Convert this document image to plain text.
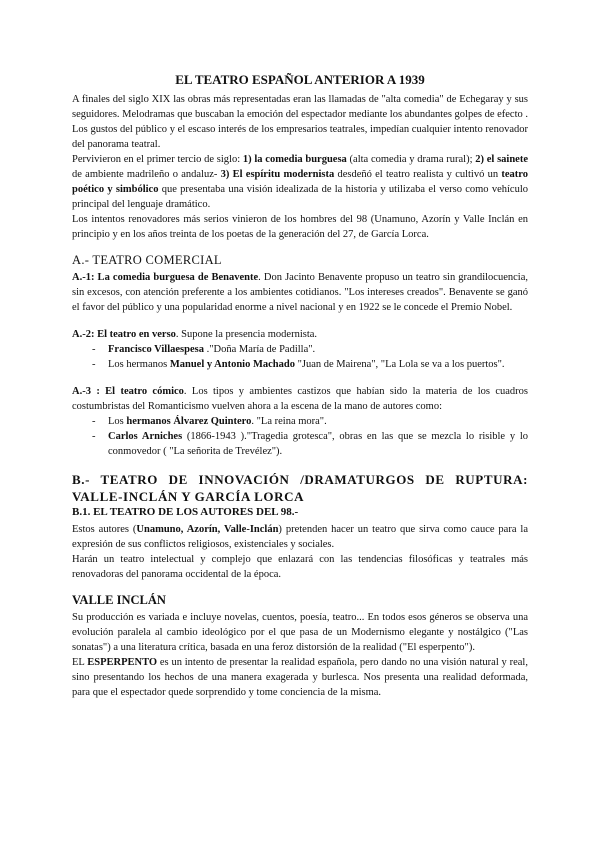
EL TEATRO ESPAÑOL ANTERIOR A 1939

A finales del siglo XIX las obras más representadas eran las llamadas de "alta comedia" de Echegaray y sus seguidores. Melodramas que buscaban la emoción del espectador mediante los abundantes golpes de efecto . Los gustos del público y el escaso interés de los empresarios teatrales, impedían cualquier intento renovador del panorama teatral.

Pervivieron en el primer tercio de siglo: 1) la comedia burguesa (alta comedia y drama rural); 2) el sainete de ambiente madrileño o andaluz- 3) El espíritu modernista desdeñó el teatro realista y cultivó un teatro poético y simbólico que presentaba una visión idealizada de la historia y utilizaba el verso como vehículo principal del lenguaje dramático.

Los intentos renovadores más serios vinieron de los hombres del 98 (Unamuno, Azorín y Valle Inclán en principio y en los años treinta de los poetas de la generación del 27, de García Lorca.

A.- TEATRO COMERCIAL

A.-1: La comedia burguesa de Benavente. Don Jacinto Benavente propuso un teatro sin grandilocuencia, sin excesos, con atención preferente a los ambientes cotidianos. "Los intereses creados". Benavente se ganó el favor del público y una popularidad enorme a nivel nacional y en 1922 se le concede el Premio Nobel.

A.-2: El teatro en verso. Supone la presencia modernista.

- Francisco Villaespesa ."Doña María de Padilla".
- Los hermanos Manuel y Antonio Machado "Juan de Mairena", "La Lola se va a los puertos".

A.-3 : El teatro cómico. Los tipos y ambientes castizos que habían sido la materia de los cuadros costumbristas del Romanticismo vuelven ahora a la escena de la mano de autores como:

- Los hermanos Álvarez Quintero. "La reina mora".
- Carlos Arniches (1866-1943 )."Tragedia grotesca", obras en las que se mezcla lo risible y lo conmovedor ( "La señorita de Trevélez").
B.- TEATRO DE INNOVACIÓN /DRAMATURGOS DE RUPTURA: VALLE-INCLÁN Y GARCÍA LORCA
B.1. EL TEATRO DE LOS AUTORES DEL 98.-

Estos autores (Unamuno, Azorín, Valle-Inclán) pretenden hacer un teatro que sirva como cauce para la expresión de sus conflictos religiosos, existenciales y sociales.

Harán un teatro intelectual y complejo que enlazará con las tendencias filosóficas y teatrales más renovadoras del panorama occidental de la época.

VALLE INCLÁN

Su producción es variada e incluye novelas, cuentos, poesía, teatro... En todos esos géneros se observa una evolución paralela al cambio ideológico por el que pasa de un Modernismo elegante y nostálgico ("Las sonatas") a una literatura crítica, basada en una feroz distorsión de la realidad ("El esperpento").

EL ESPERPENTO es un intento de presentar la realidad española, pero dando no una visión natural y real, sino presentando los hechos de una manera exagerada y burlesca. Nos presenta una realidad deformada, para que el espectador quede sorprendido y tome conciencia de la misma.
